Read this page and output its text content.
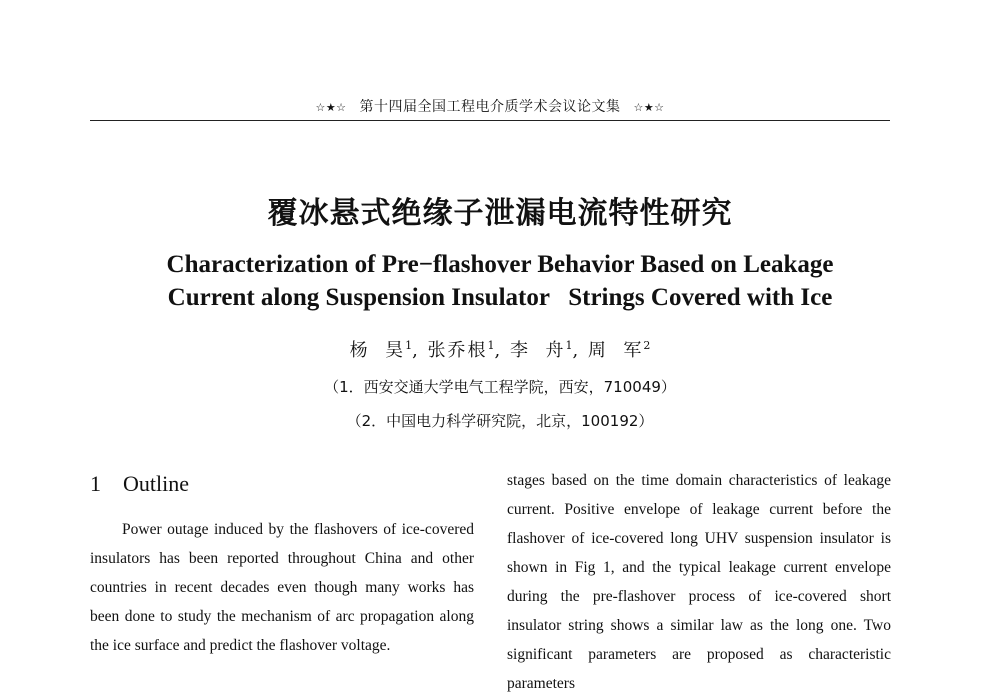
☆★☆ 第十四届全国工程电介质学术会议论文集 ☆★☆
覆冰悬式绝缘子泄漏电流特性研究
Characterization of Pre−flashover Behavior Based on Leakage
Current along Suspension Insulator   Strings Covered with Ice
杨  昊$^1$, 张乔根$^1$, 李  舟$^1$, 周  军$^2$
（1．西安交通大学电气工程学院，西安，710049）
（2．中国电力科学研究院，北京，100192）
1 Outline

Power outage induced by the flashovers of ice-covered insulators has been reported throughout China and other countries in recent decades even though many works has been done to study the mechanism of arc propagation along the ice surface and predict the flashover voltage.

stages based on the time domain characteristics of leakage current. Positive envelope of leakage current before the flashover of ice-covered long UHV suspension insulator is shown in Fig 1, and the typical leakage current envelope during the pre-flashover process of ice-covered short insulator string shows a similar law as the long one. Two significant parameters are proposed as characteristic parameters
